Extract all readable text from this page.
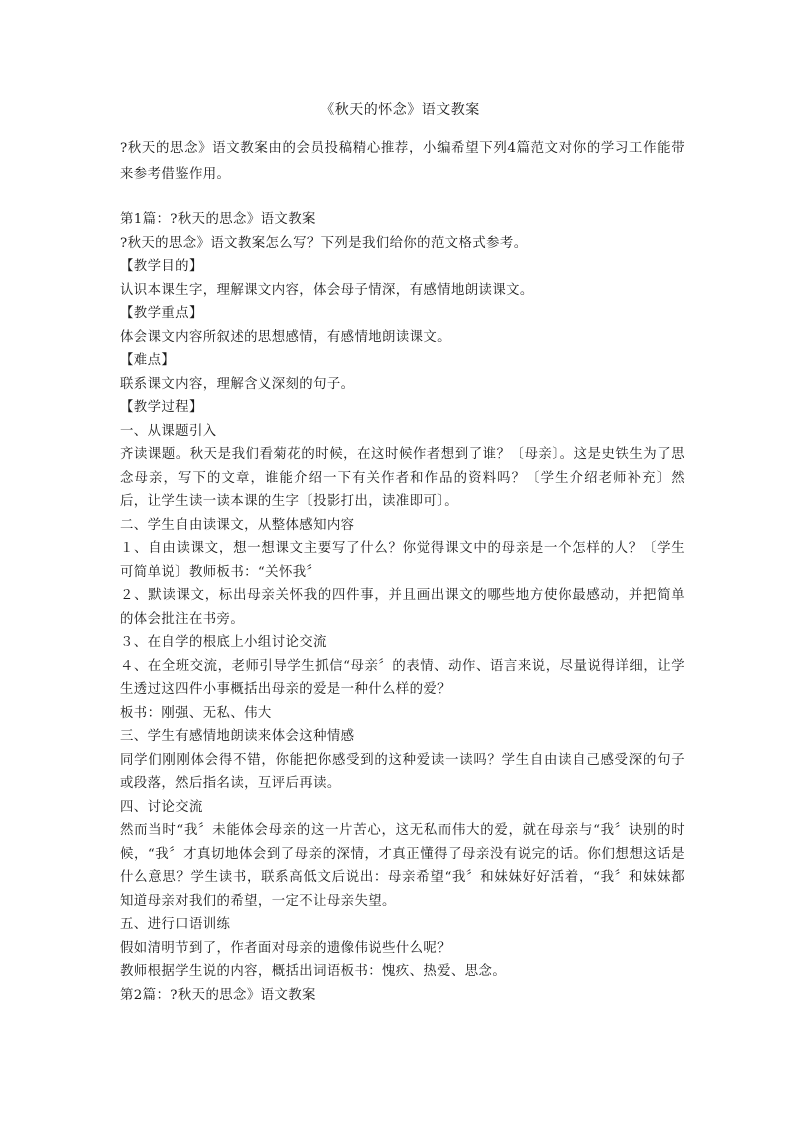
《秋天的怀念》语文教案

?秋天的思念》语文教案由的会员投稿精心推荐，小编希望下列4篇范文对你的学习工作能带来参考借鉴作用。

第1篇：?秋天的思念》语文教案

?秋天的思念》语文教案怎么写？下列是我们给你的范文格式参考。

【教学目的】

认识本课生字，理解课文内容，体会母子情深，有感情地朗读课文。

【教学重点】

体会课文内容所叙述的思想感情，有感情地朗读课文。

【难点】

联系课文内容，理解含义深刻的句子。

【教学过程】

一、从课题引入

齐读课题。秋天是我们看菊花的时候，在这时候作者想到了谁？〔母亲〕。这是史铁生为了思念母亲，写下的文章，谁能介绍一下有关作者和作品的资料吗？〔学生介绍老师补充〕然后，让学生读一读本课的生字〔投影打出，读准即可〕。

二、学生自由读课文，从整体感知内容

１、自由读课文，想一想课文主要写了什么？你觉得课文中的母亲是一个怎样的人？〔学生可简单说〕教师板书：“关怀我〞

２、默读课文，标出母亲关怀我的四件事，并且画出课文的哪些地方使你最感动，并把简单的体会批注在书旁。

３、在自学的根底上小组讨论交流

４、在全班交流，老师引导学生抓信“母亲〞的表情、动作、语言来说，尽量说得详细，让学生透过这四件小事概括出母亲的爱是一种什么样的爱？

板书：刚强、无私、伟大

三、学生有感情地朗读来体会这种情感

同学们刚刚体会得不错，你能把你感受到的这种爱读一读吗？学生自由读自己感受深的句子或段落，然后指名读，互评后再读。

四、讨论交流

然而当时“我〞未能体会母亲的这一片苦心，这无私而伟大的爱，就在母亲与“我〞诀别的时候，“我〞才真切地体会到了母亲的深情，才真正懂得了母亲没有说完的话。你们想想这话是什么意思？学生读书，联系高低文后说出：母亲希望“我〞和妹妹好好活着，“我〞和妹妹都知道母亲对我们的希望，一定不让母亲失望。

五、进行口语训练

假如清明节到了，作者面对母亲的遗像伟说些什么呢？

教师根据学生说的内容，概括出词语板书：愧疚、热爱、思念。

第2篇：?秋天的思念》语文教案
